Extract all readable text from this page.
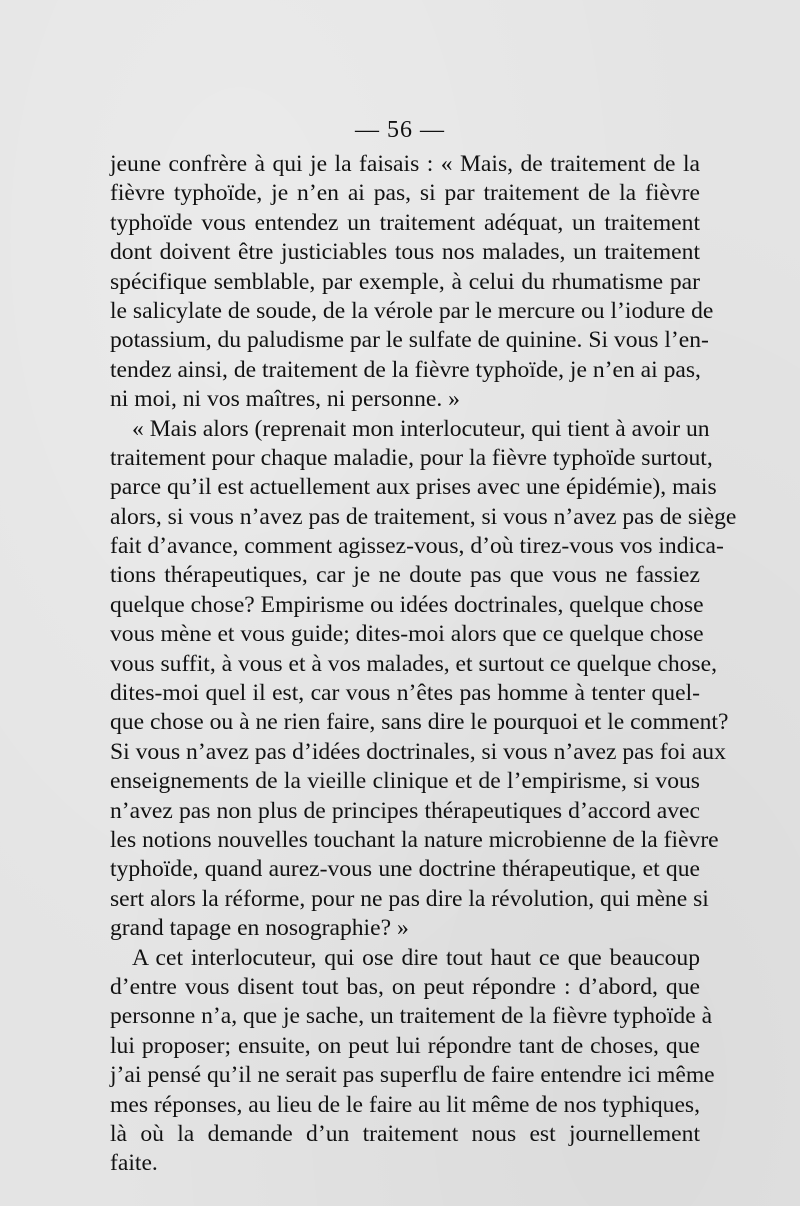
— 56 —
jeune confrère à qui je la faisais : « Mais, de traitement de la
fièvre typhoïde, je n’en ai pas, si par traitement de la fièvre
typhoïde vous entendez un traitement adéquat, un traitement
dont doivent être justiciables tous nos malades, un traitement
spécifique semblable, par exemple, à celui du rhumatisme par
le salicylate de soude, de la vérole par le mercure ou l’iodure de
potassium, du paludisme par le sulfate de quinine. Si vous l’en-
tendez ainsi, de traitement de la fièvre typhoïde, je n’en ai pas,
ni moi, ni vos maîtres, ni personne. »
« Mais alors (reprenait mon interlocuteur, qui tient à avoir un
traitement pour chaque maladie, pour la fièvre typhoïde surtout,
parce qu’il est actuellement aux prises avec une épidémie), mais
alors, si vous n’avez pas de traitement, si vous n’avez pas de siège
fait d’avance, comment agissez-vous, d’où tirez-vous vos indica-
tions thérapeutiques, car je ne doute pas que vous ne fassiez
quelque chose? Empirisme ou idées doctrinales, quelque chose
vous mène et vous guide; dites-moi alors que ce quelque chose
vous suffit, à vous et à vos malades, et surtout ce quelque chose,
dites-moi quel il est, car vous n’êtes pas homme à tenter quel-
que chose ou à ne rien faire, sans dire le pourquoi et le comment?
Si vous n’avez pas d’idées doctrinales, si vous n’avez pas foi aux
enseignements de la vieille clinique et de l’empirisme, si vous
n’avez pas non plus de principes thérapeutiques d’accord avec
les notions nouvelles touchant la nature microbienne de la fièvre
typhoïde, quand aurez-vous une doctrine thérapeutique, et que
sert alors la réforme, pour ne pas dire la révolution, qui mène si
grand tapage en nosographie? »
A cet interlocuteur, qui ose dire tout haut ce que beaucoup
d’entre vous disent tout bas, on peut répondre : d’abord, que
personne n’a, que je sache, un traitement de la fièvre typhoïde à
lui proposer; ensuite, on peut lui répondre tant de choses, que
j’ai pensé qu’il ne serait pas superflu de faire entendre ici même
mes réponses, au lieu de le faire au lit même de nos typhiques,
là où la demande d’un traitement nous est journellement
faite.
